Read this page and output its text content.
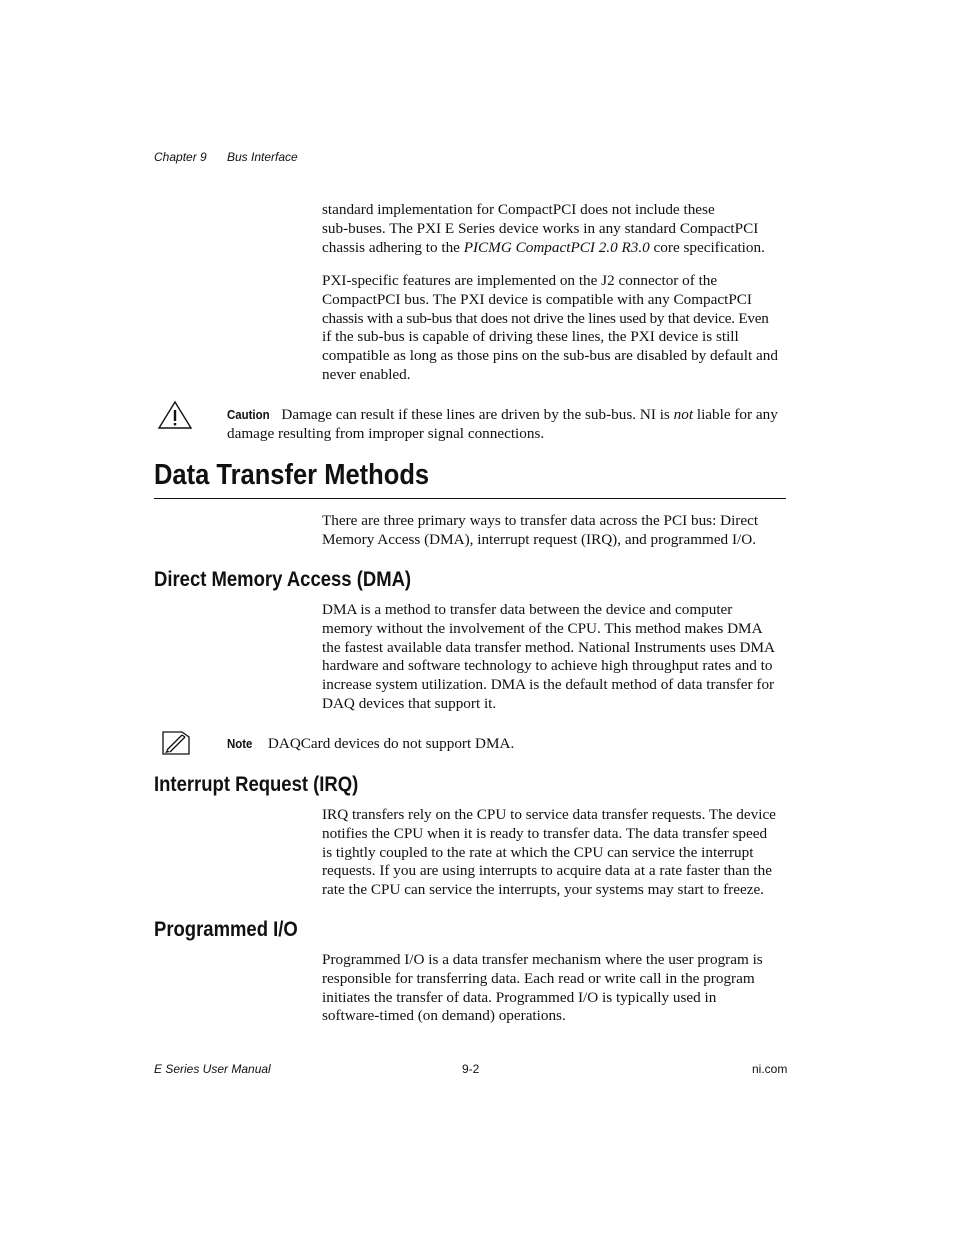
Chapter 9 Bus Interface
standard implementation for CompactPCI does not include these
sub-buses. The PXI E Series device works in any standard CompactPCI
chassis adhering to the PICMG CompactPCI 2.0 R3.0 core specification.
PXI-specific features are implemented on the J2 connector of the
CompactPCI bus. The PXI device is compatible with any CompactPCI
chassis with a sub-bus that does not drive the lines used by that device. Even
if the sub-bus is capable of driving these lines, the PXI device is still
compatible as long as those pins on the sub-bus are disabled by default and
never enabled.
Caution Damage can result if these lines are driven by the sub-bus. NI is not liable for any
damage resulting from improper signal connections.
Data Transfer Methods
There are three primary ways to transfer data across the PCI bus: Direct
Memory Access (DMA), interrupt request (IRQ), and programmed I/O.
Direct Memory Access (DMA)
DMA is a method to transfer data between the device and computer
memory without the involvement of the CPU. This method makes DMA
the fastest available data transfer method. National Instruments uses DMA
hardware and software technology to achieve high throughput rates and to
increase system utilization. DMA is the default method of data transfer for
DAQ devices that support it.
Note DAQCard devices do not support DMA.
Interrupt Request (IRQ)
IRQ transfers rely on the CPU to service data transfer requests. The device
notifies the CPU when it is ready to transfer data. The data transfer speed
is tightly coupled to the rate at which the CPU can service the interrupt
requests. If you are using interrupts to acquire data at a rate faster than the
rate the CPU can service the interrupts, your systems may start to freeze.
Programmed I/O
Programmed I/O is a data transfer mechanism where the user program is
responsible for transferring data. Each read or write call in the program
initiates the transfer of data. Programmed I/O is typically used in
software-timed (on demand) operations.
E Series User Manual	9-2	ni.com
